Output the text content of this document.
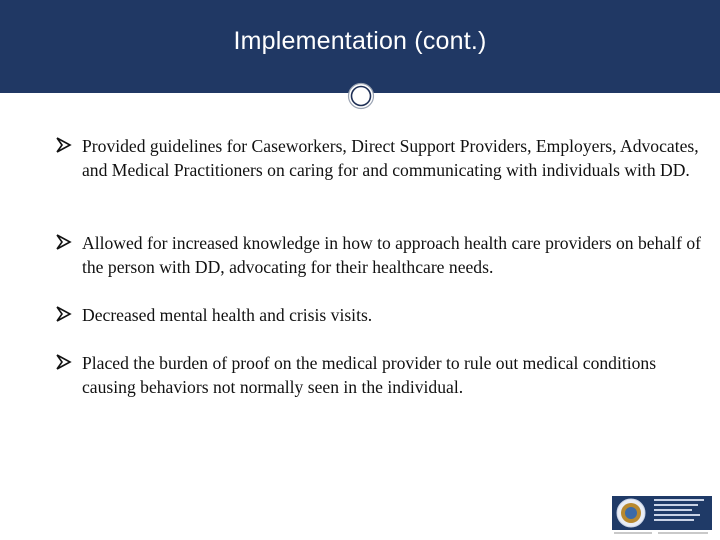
Implementation (cont.)
Provided guidelines for Caseworkers, Direct Support Providers, Employers, Advocates, and Medical Practitioners on caring for and communicating with individuals with DD.
Allowed for increased knowledge in how to approach health care providers on behalf of the person with DD, advocating for their healthcare needs.
Decreased mental health and crisis visits.
Placed the burden of proof on the medical provider to rule out medical conditions causing behaviors not normally seen in the individual.
